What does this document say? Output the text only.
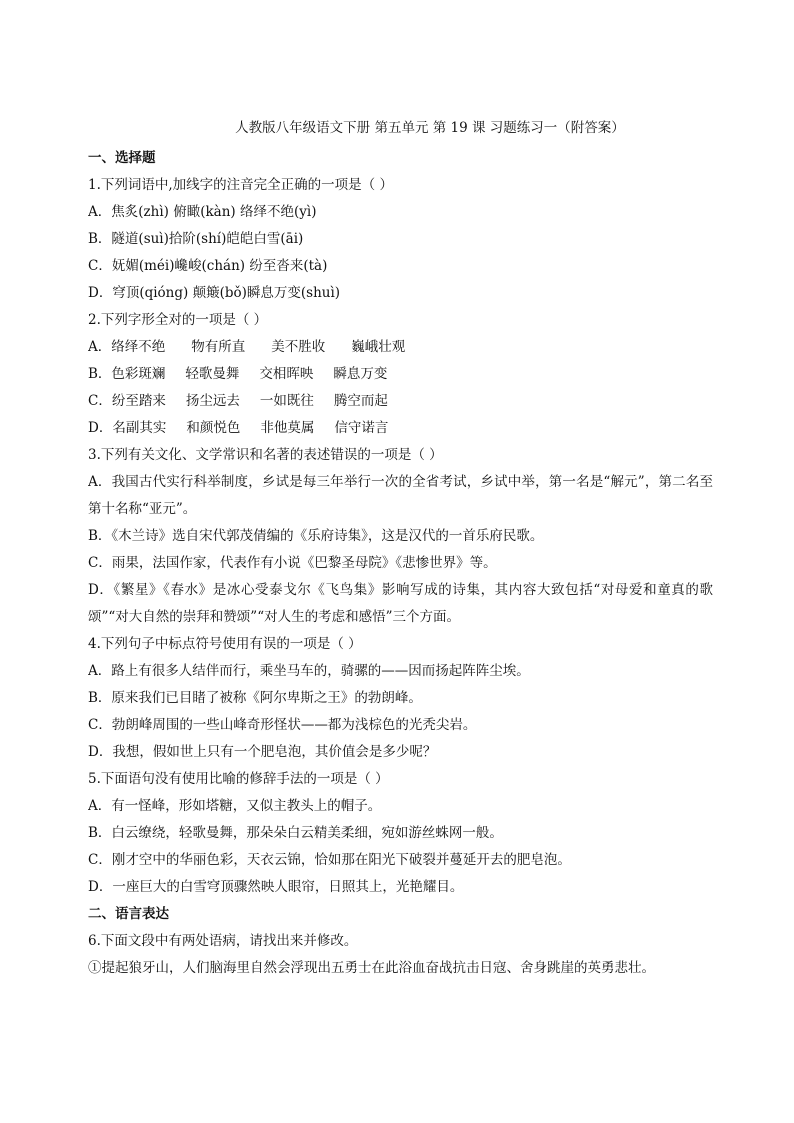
人教版八年级语文下册 第五单元 第 19 课 习题练习一（附答案）
一、选择题
1.下列词语中,加线字的注音完全正确的一项是（ ）
A．焦炙(zhì) 俯瞰(kàn) 络绎不绝(yì)
B．隧道(suì)拾阶(shí)皑皑白雪(āi)
C．妩媚(méi)巉峻(chán) 纷至沓来(tà)
D．穹顶(qióng) 颠簸(bǒ)瞬息万变(shuì)
2.下列字形全对的一项是（ ）
A．络绎不绝 物有所直 美不胜收 巍峨壮观
B．色彩斑斓 轻歌曼舞 交相晖映 瞬息万变
C．纷至踏来 扬尘远去 一如既往 腾空而起
D．名副其实 和颜悦色 非他莫属 信守诺言
3.下列有关文化、文学常识和名著的表述错误的一项是（ ）
A．我国古代实行科举制度，乡试是每三年举行一次的全省考试，乡试中举，第一名是“解元”，第二名至第十名称“亚元”。
B．《木兰诗》选自宋代郭茂倩编的《乐府诗集》，这是汉代的一首乐府民歌。
C．雨果，法国作家，代表作有小说《巴黎圣母院》《悲惨世界》等。
D．《繁星》《春水》是冰心受泰戈尔《飞鸟集》影响写成的诗集，其内容大致包括“对母爱和童真的歌颂”“对大自然的崇拜和赞颂”“对人生的考虑和感悟”三个方面。
4.下列句子中标点符号使用有误的一项是（ ）
A．路上有很多人结伴而行，乘坐马车的，骑骡的——因而扬起阵阵尘埃。
B．原来我们已目睹了被称《阿尔卑斯之王》的勃朗峰。
C．勃朗峰周围的一些山峰奇形怪状——都为浅棕色的光秃尖岩。
D．我想，假如世上只有一个肥皂泡，其价值会是多少呢？
5.下面语句没有使用比喻的修辞手法的一项是（ ）
A．有一怪峰，形如塔糖，又似主教头上的帽子。
B．白云缭绕，轻歌曼舞，那朵朵白云精美柔细，宛如游丝蛛网一般。
C．刚才空中的华丽色彩，天衣云锦，恰如那在阳光下破裂并蔓延开去的肥皂泡。
D．一座巨大的白雪穹顶骤然映人眼帘，日照其上，光艳耀目。
二、语言表达
6.下面文段中有两处语病，请找出来并修改。
①提起狼牙山，人们脑海里自然会浮现出五勇士在此浴血奋战抗击日寇、舍身跳崖的英勇悲壮。
